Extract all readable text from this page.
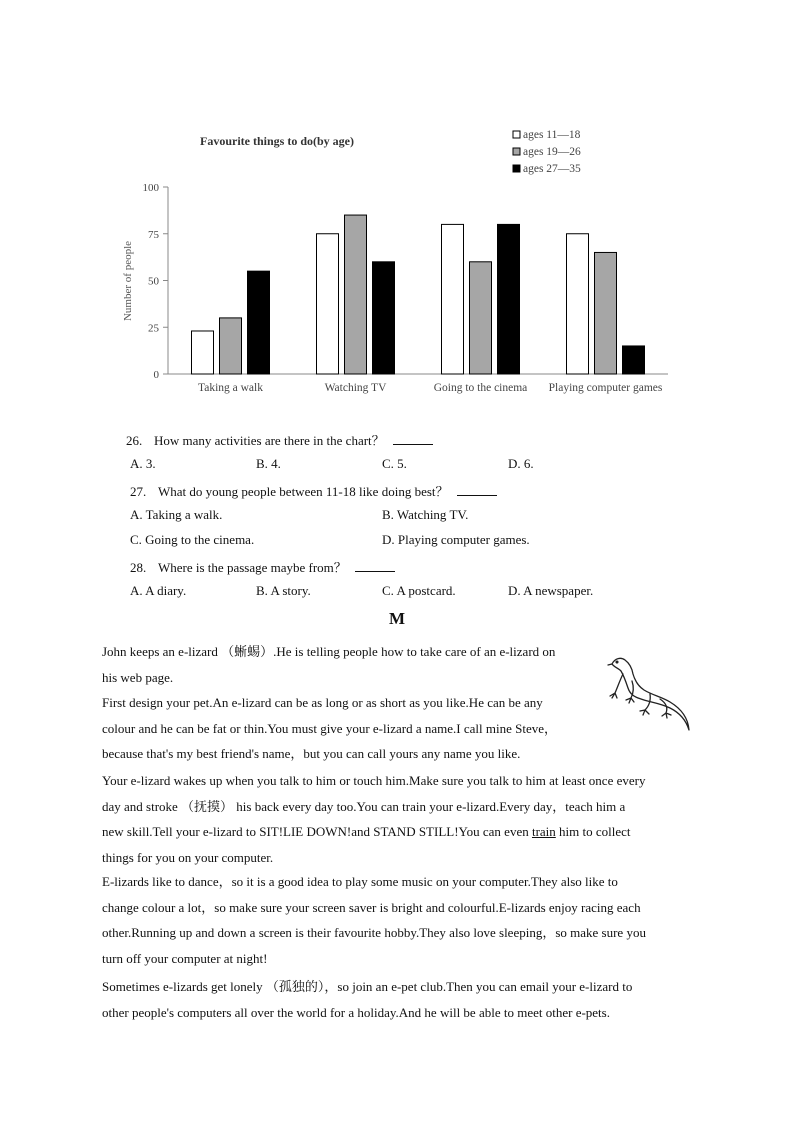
Favourite things to do(by age)
Number of people
ages 11—18
ages 19—26
ages 27—35
0
25
50
75
100
Taking a walk	Watching TV	Going to the cinema Playing computer games
26. How many activities are there in the chart？
A. 3.	B. 4.	C. 5.	D. 6.
27. What do young people between 11-18 like doing best？
A. Taking a walk.	B. Watching TV.
C. Going to the cinema.	D. Playing computer games.
28. Where is the passage maybe from？
A. A diary.	B. A story.	C. A postcard.	D. A newspaper.
M
John keeps an e-lizard （蜥蜴）.He is telling people how to take care of an e-lizard on
his web page.
First design your pet.An e-lizard can be as long or as short as you like.He can be any
colour and he can be fat or thin.You must give your e-lizard a name.I call mine Steve，
because that's my best friend's name，but you can call yours any name you like.
Your e-lizard wakes up when you talk to him or touch him.Make sure you talk to him at least once every
day and stroke （抚摸） his back every day too.You can train your e-lizard.Every day，teach him a
new skill.Tell your e-lizard to SIT!LIE DOWN!and STAND STILL!You can even train him to collect
things for you on your computer.
E-lizards like to dance，so it is a good idea to play some music on your computer.They also like to
change colour a lot，so make sure your screen saver is bright and colourful.E-lizards enjoy racing each
other.Running up and down a screen is their favourite hobby.They also love sleeping，so make sure you
turn off your computer at night!
Sometimes e-lizards get lonely （孤独的），so join an e-pet club.Then you can email your e-lizard to
other people's computers all over the world for a holiday.And he will be able to meet other e-pets.
